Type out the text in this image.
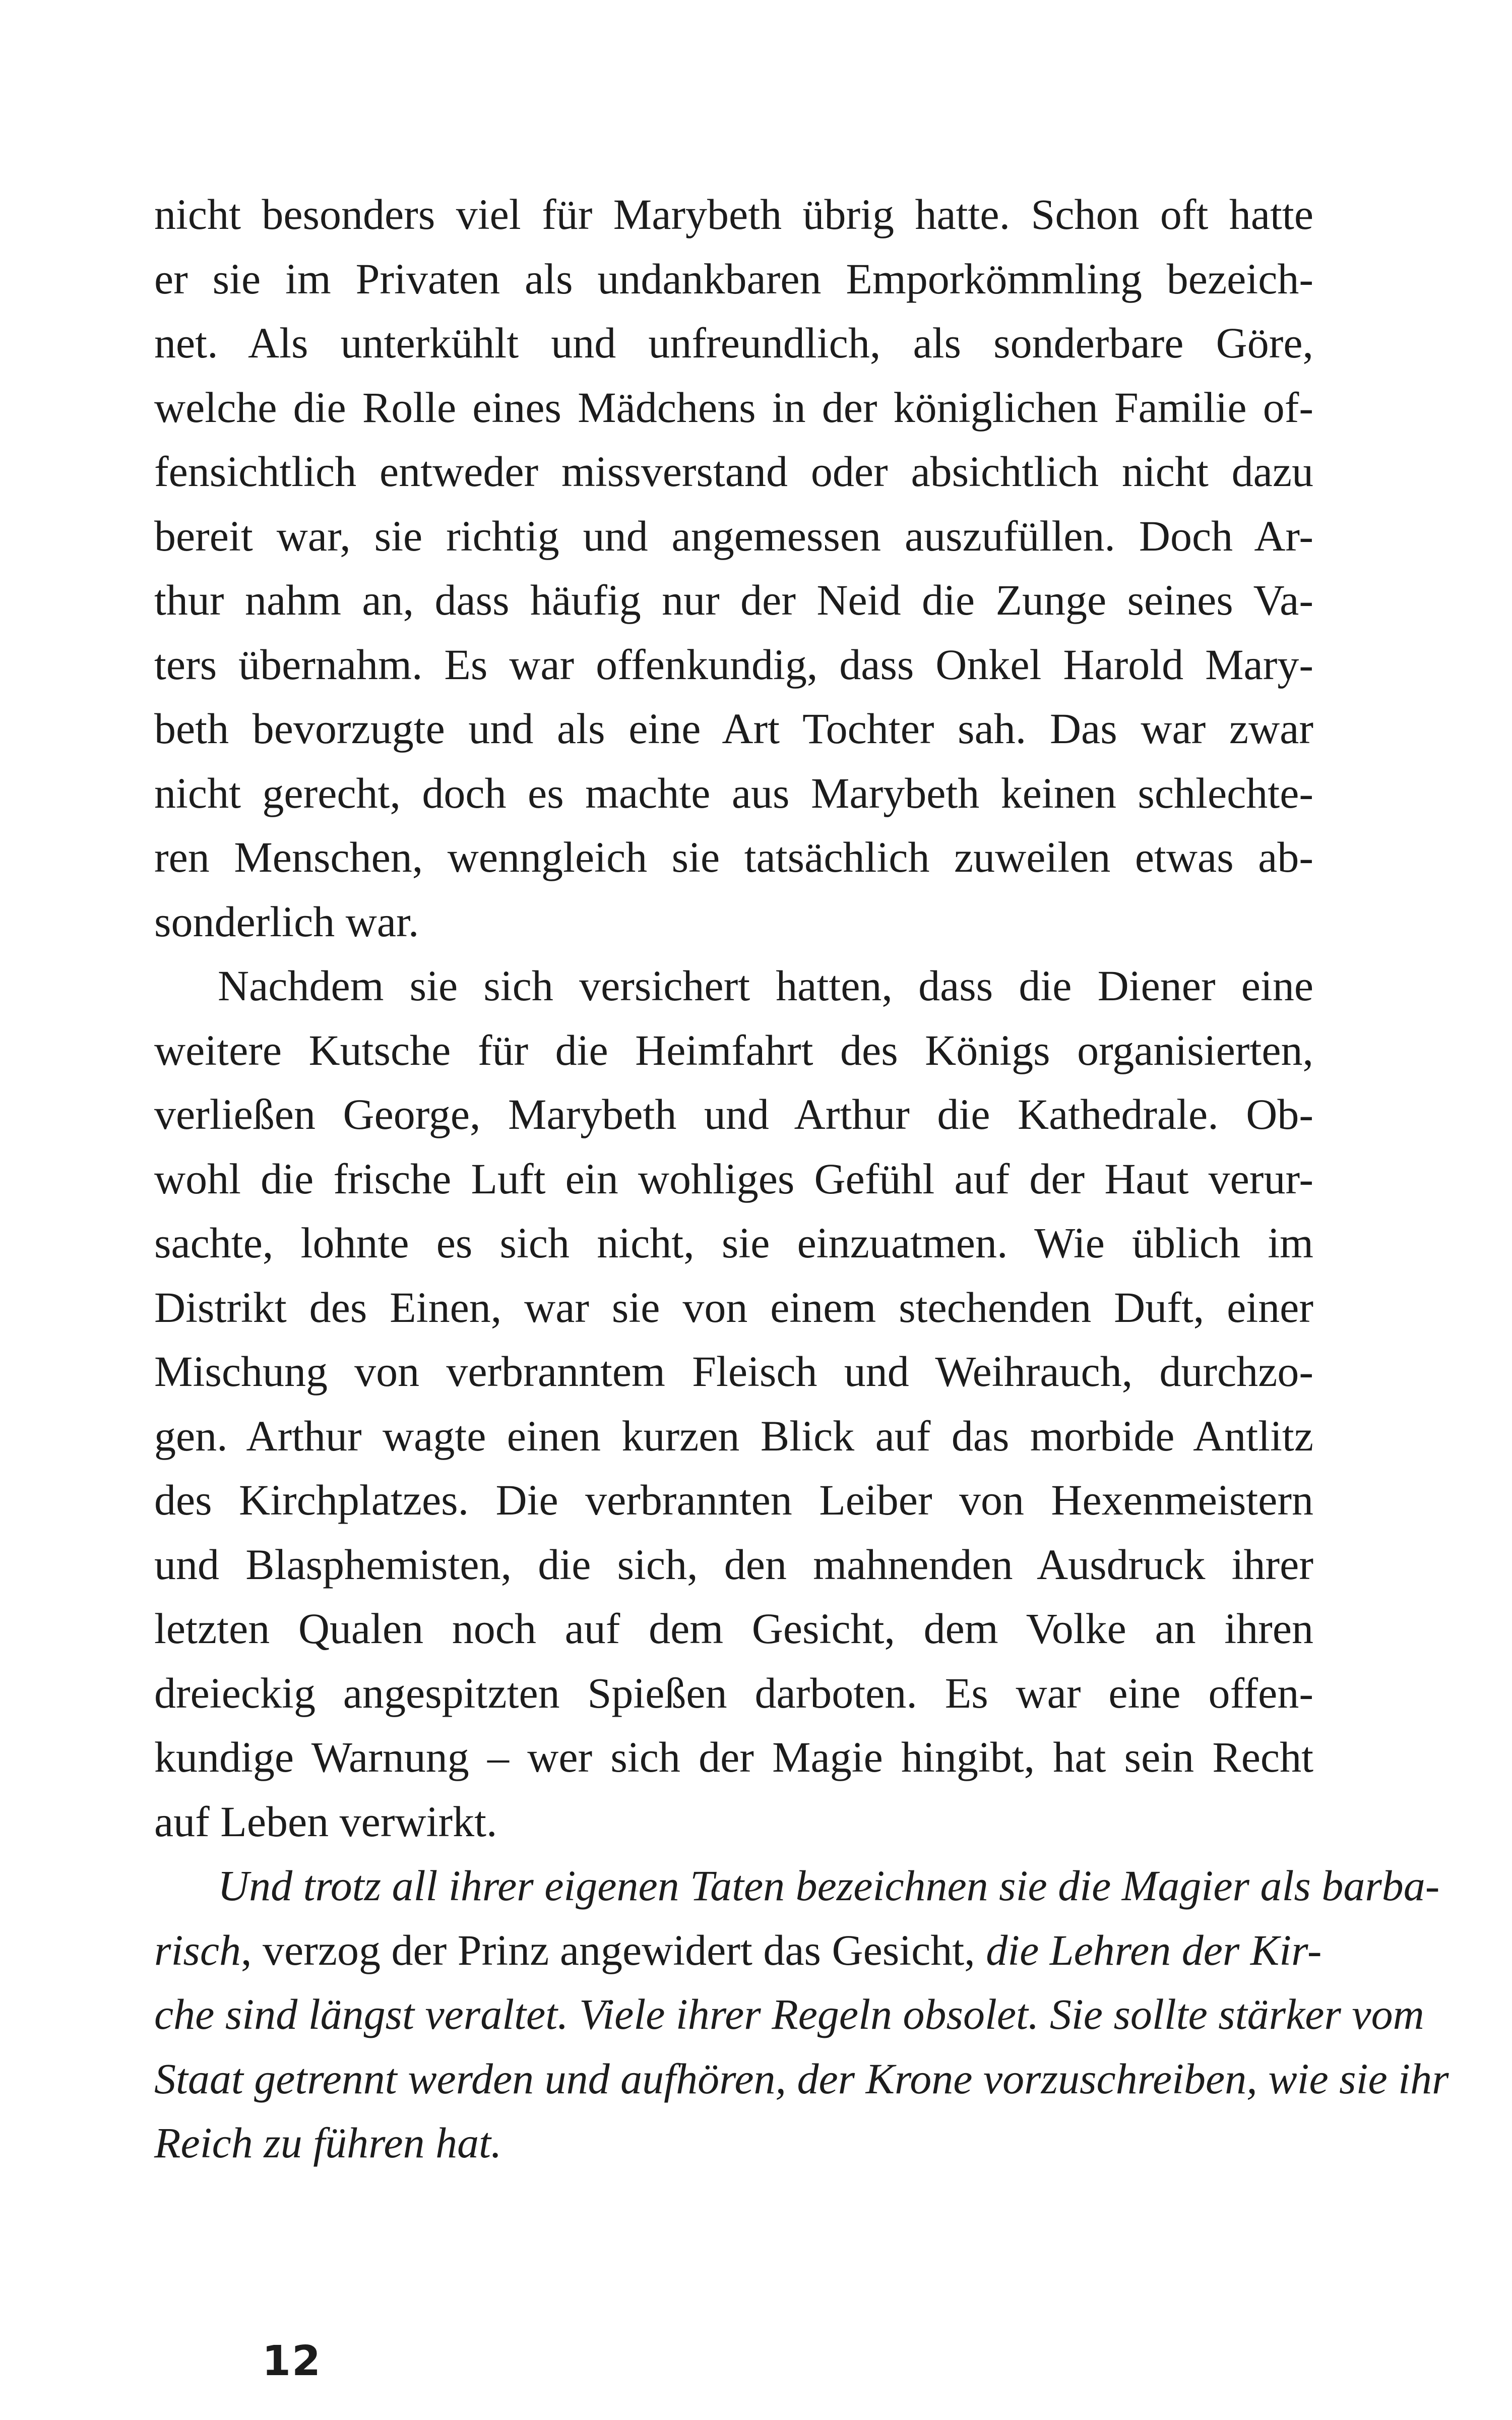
nicht besonders viel für Marybeth übrig hatte. Schon oft hatte
er sie im Privaten als undankbaren Emporkömmling bezeich-
net. Als unterkühlt und unfreundlich, als sonderbare Göre,
welche die Rolle eines Mädchens in der königlichen Familie of-
fensichtlich entweder missverstand oder absichtlich nicht dazu
bereit war, sie richtig und angemessen auszufüllen. Doch Ar-
thur nahm an, dass häufig nur der Neid die Zunge seines Va-
ters übernahm. Es war offenkundig, dass Onkel Harold Mary-
beth bevorzugte und als eine Art Tochter sah. Das war zwar
nicht gerecht, doch es machte aus Marybeth keinen schlechte-
ren Menschen, wenngleich sie tatsächlich zuweilen etwas ab-
sonderlich war.
Nachdem sie sich versichert hatten, dass die Diener eine
weitere Kutsche für die Heimfahrt des Königs organisierten,
verließen George, Marybeth und Arthur die Kathedrale. Ob-
wohl die frische Luft ein wohliges Gefühl auf der Haut verur-
sachte, lohnte es sich nicht, sie einzuatmen. Wie üblich im
Distrikt des Einen, war sie von einem stechenden Duft, einer
Mischung von verbranntem Fleisch und Weihrauch, durchzo-
gen. Arthur wagte einen kurzen Blick auf das morbide Antlitz
des Kirchplatzes. Die verbrannten Leiber von Hexenmeistern
und Blasphemisten, die sich, den mahnenden Ausdruck ihrer
letzten Qualen noch auf dem Gesicht, dem Volke an ihren
dreieckig angespitzten Spießen darboten. Es war eine offen-
kundige Warnung – wer sich der Magie hingibt, hat sein Recht
auf Leben verwirkt.
Und trotz all ihrer eigenen Taten bezeichnen sie die Magier als barba-
risch, verzog der Prinz angewidert das Gesicht, die Lehren der Kir-
che sind längst veraltet. Viele ihrer Regeln obsolet. Sie sollte stärker vom
Staat getrennt werden und aufhören, der Krone vorzuschreiben, wie sie ihr
Reich zu führen hat.
12
